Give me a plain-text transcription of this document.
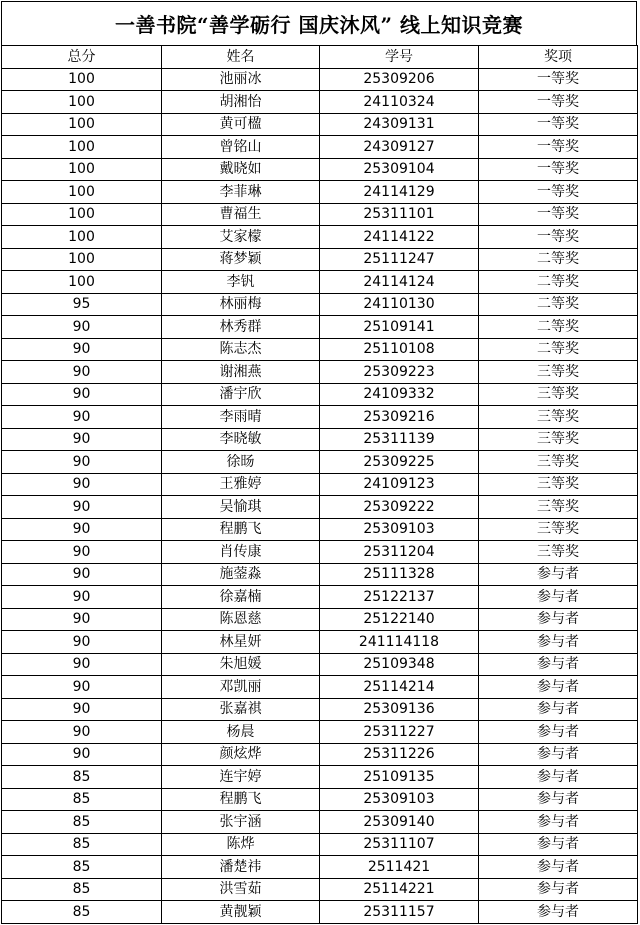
一善书院“善学砺行 国庆沐风” 线上知识竞赛
总分	姓名	学号	奖项
100	池丽冰	25309206	一等奖
100	胡湘怡	24110324	一等奖
100	黄可楹	24309131	一等奖
100	曾铭山	24309127	一等奖
100	戴晓如	25309104	一等奖
100	李菲琳	24114129	一等奖
100	曹福生	25311101	一等奖
100	艾家檬	24114122	一等奖
100	蒋梦颖	25111247	二等奖
100	李钒	24114124	二等奖
95	林丽梅	24110130	二等奖
90	林秀群	25109141	二等奖
90	陈志杰	25110108	二等奖
90	谢湘燕	25309223	三等奖
90	潘宇欣	24109332	三等奖
90	李雨晴	25309216	三等奖
90	李晓敏	25311139	三等奖
90	徐旸	25309225	三等奖
90	王雅婷	24109123	三等奖
90	吴愉琪	25309222	三等奖
90	程鹏飞	25309103	三等奖
90	肖传康	25311204	三等奖
90	施蓥淼	25111328	参与者
90	徐嘉楠	25122137	参与者
90	陈恩慈	25122140	参与者
90	林星妍	241114118	参与者
90	朱旭媛	25109348	参与者
90	邓凯丽	25114214	参与者
90	张嘉祺	25309136	参与者
90	杨晨	25311227	参与者
90	颜炫烨	25311226	参与者
85	连宇婷	25109135	参与者
85	程鹏飞	25309103	参与者
85	张宇涵	25309140	参与者
85	陈烨	25311107	参与者
85	潘楚祎	2511421	参与者
85	洪雪茹	25114221	参与者
85	黄靓颖	25311157	参与者
